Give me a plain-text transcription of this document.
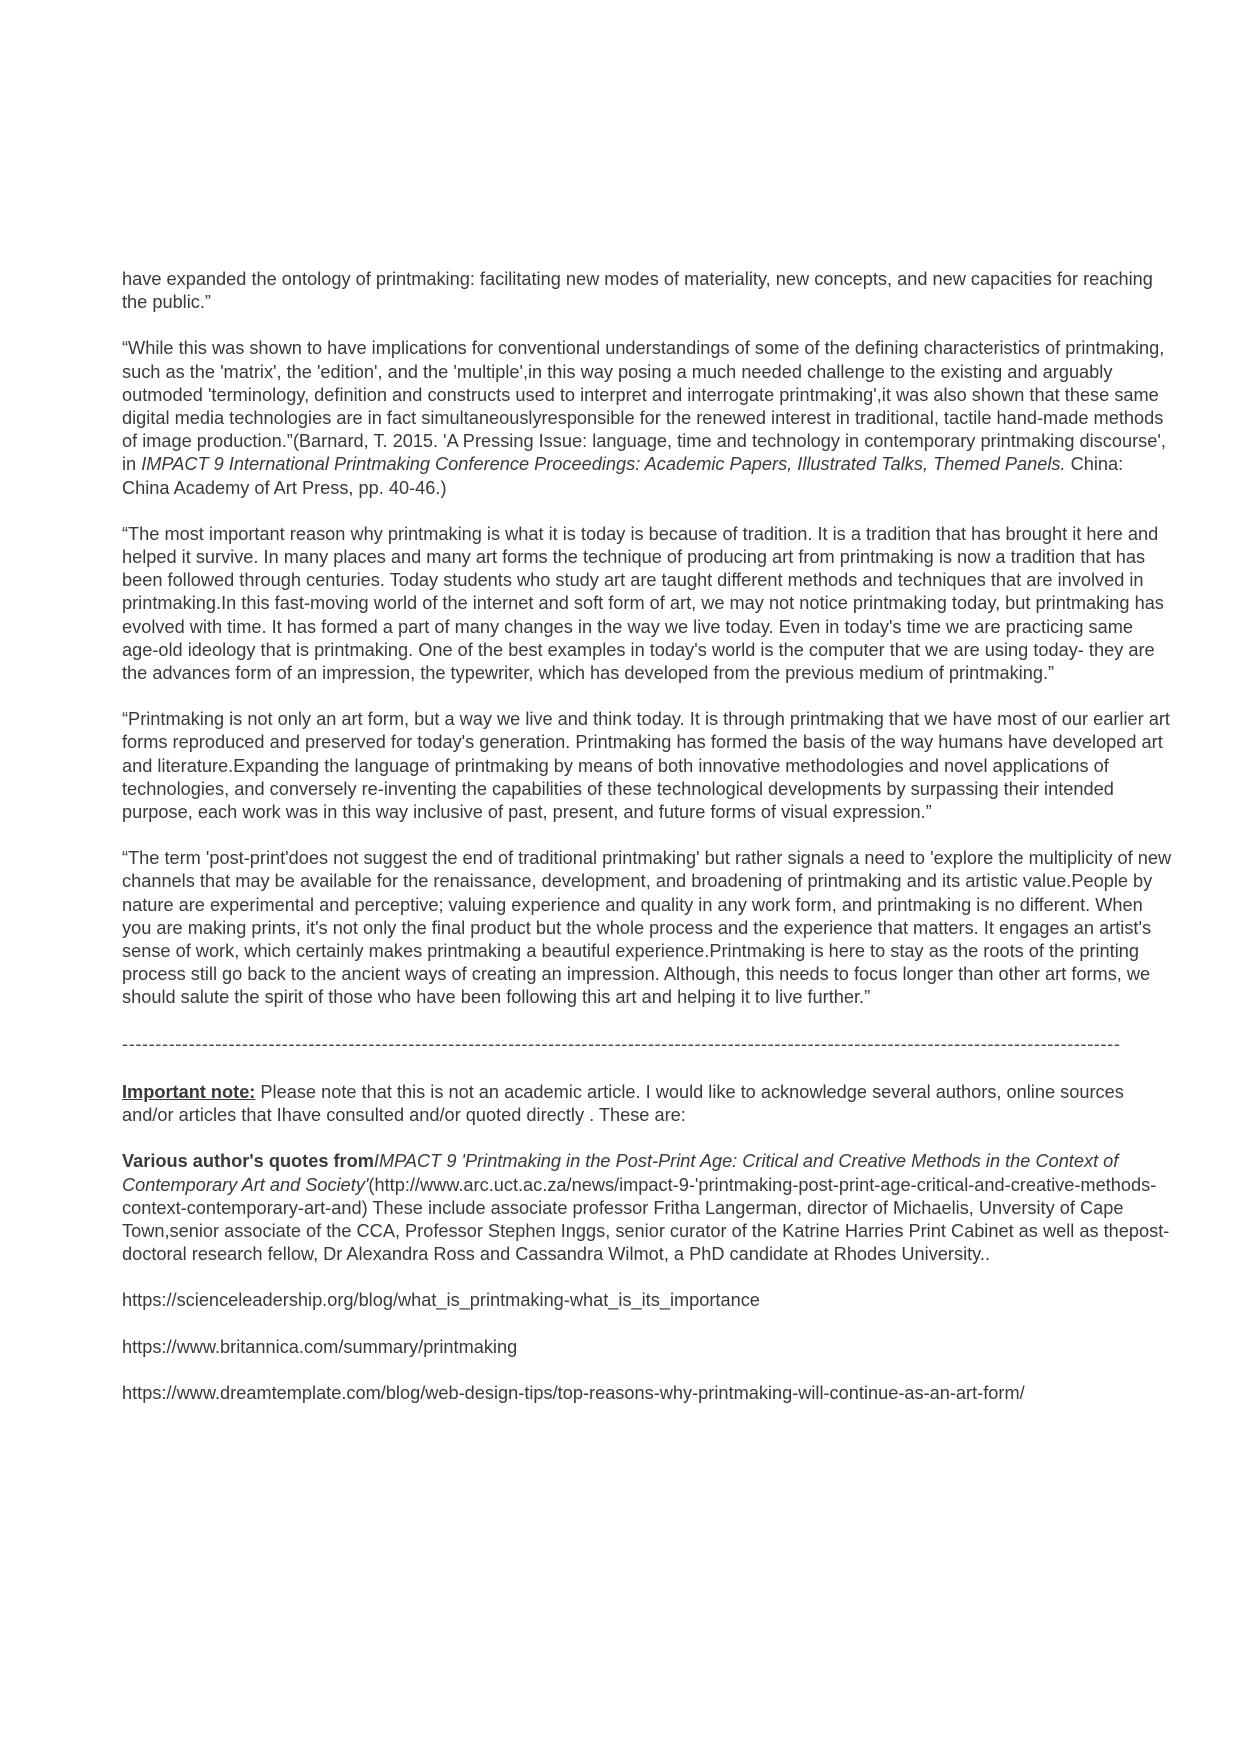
have expanded the ontology of printmaking: facilitating new modes of materiality, new concepts, and new capacities for reaching the public.”

“While this was shown to have implications for conventional understandings of some of the defining characteristics of printmaking, such as the 'matrix', the 'edition', and the 'multiple',in this way posing a much needed challenge to the existing and arguably outmoded 'terminology, definition and constructs used to interpret and interrogate printmaking',it was also shown that these same digital media technologies are in fact simultaneouslyresponsible for the renewed interest in traditional, tactile hand-made methods of image production.”(Barnard, T. 2015. 'A Pressing Issue: language, time and technology in contemporary printmaking discourse', in IMPACT 9 International Printmaking Conference Proceedings: Academic Papers, Illustrated Talks, Themed Panels. China: China Academy of Art Press, pp. 40-46.)

“The most important reason why printmaking is what it is today is because of tradition. It is a tradition that has brought it here and helped it survive. In many places and many art forms the technique of producing art from printmaking is now a tradition that has been followed through centuries. Today students who study art are taught different methods and techniques that are involved in printmaking.In this fast-moving world of the internet and soft form of art, we may not notice printmaking today, but printmaking has evolved with time. It has formed a part of many changes in the way we live today. Even in today's time we are practicing same age-old ideology that is printmaking. One of the best examples in today's world is the computer that we are using today- they are the advances form of an impression, the typewriter, which has developed from the previous medium of printmaking.”

“Printmaking is not only an art form, but a way we live and think today. It is through printmaking that we have most of our earlier art forms reproduced and preserved for today's generation. Printmaking has formed the basis of the way humans have developed art and literature.Expanding the language of printmaking by means of both innovative methodologies and novel applications of technologies, and conversely re-inventing the capabilities of these technological developments by surpassing their intended purpose, each work was in this way inclusive of past, present, and future forms of visual expression.”

“The term 'post-print'does not suggest the end of traditional printmaking' but rather signals a need to 'explore the multiplicity of new channels that may be available for the renaissance, development, and broadening of printmaking and its artistic value.People by nature are experimental and perceptive; valuing experience and quality in any work form, and printmaking is no different. When you are making prints, it's not only the final product but the whole process and the experience that matters. It engages an artist's sense of work, which certainly makes printmaking a beautiful experience.Printmaking is here to stay as the roots of the printing process still go back to the ancient ways of creating an impression. Although, this needs to focus longer than other art forms, we should salute the spirit of those who have been following this art and helping it to live further.”

------------------------------------------------------------------------------------------------------------------------------------------------------

Important note: Please note that this is not an academic article. I would like to acknowledge several authors, online sources and/or articles that Ihave consulted and/or quoted directly . These are:

Various author's quotes fromIMPACT 9 'Printmaking in the Post-Print Age: Critical and Creative Methods in the Context of Contemporary Art and Society'(http://www.arc.uct.ac.za/news/impact-9-'printmaking-post-print-age-critical-and-creative-methods-context-contemporary-art-and) These include associate professor Fritha Langerman, director of Michaelis, Unversity of Cape Town,senior associate of the CCA, Professor Stephen Inggs, senior curator of the Katrine Harries Print Cabinet as well as thepost-doctoral research fellow, Dr Alexandra Ross and Cassandra Wilmot, a PhD candidate at Rhodes University..

https://scienceleadership.org/blog/what_is_printmaking-what_is_its_importance
https://www.britannica.com/summary/printmaking
https://www.dreamtemplate.com/blog/web-design-tips/top-reasons-why-printmaking-will-continue-as-an-art-form/
